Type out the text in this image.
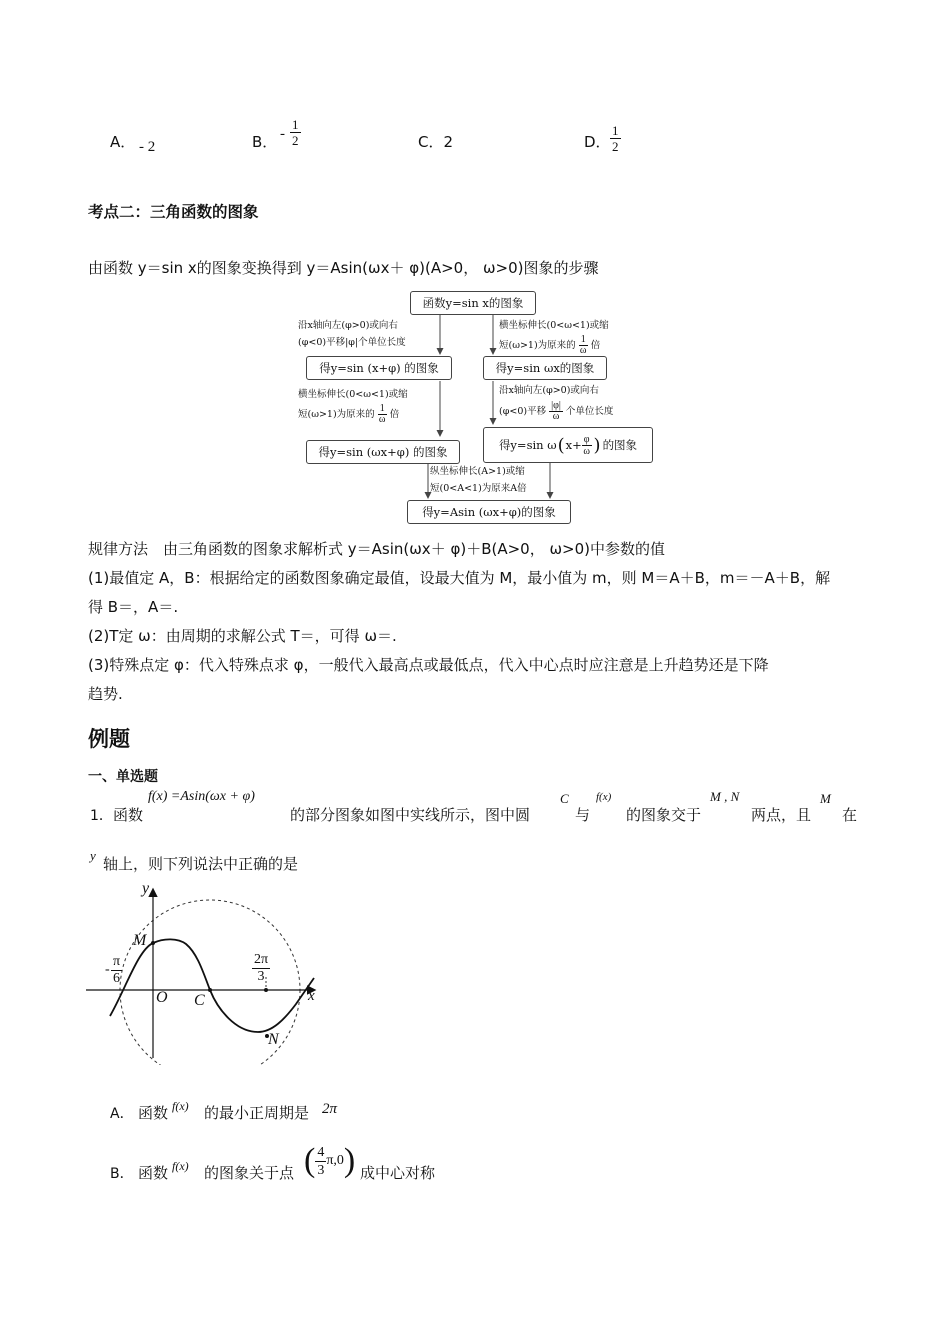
A． - 2	B． - $\frac{1}{2}$	C．2	D． $\frac{1}{2}$
考点二：三角函数的图象
由函数 y＝sin x的图象变换得到 y＝Asin(ωx＋ φ)(A>0， ω>0)图象的步骤
函数y=sin x的图象
沿x轴向左(φ>0)或向右
(φ<0)平移|φ|个单位长度
横坐标伸长(0<ω<1)或缩
短(ω>1)为原来的 $\frac{1}{\omega}$ 倍
得y=sin (x+φ) 的图象	得y=sin ωx的图象
横坐标伸长(0<ω<1)或缩
短(ω>1)为原来的 $\frac{1}{\omega}$ 倍
沿x轴向左(φ>0)或向右
(φ<0)平移 $\frac{|\varphi|}{\omega}$ 个单位长度
得y=sin (ωx+φ) 的图象	得y=sin ω ( $x+ \frac{\varphi}{\omega}$ ) 的图象
纵坐标伸长(A>1)或缩
短(0<A<1)为原来A倍
得y=Asin (ωx+φ)的图象
规律方法　由三角函数的图象求解析式 y＝Asin(ωx＋ φ)＋B(A>0， ω>0)中参数的值
(1)最值定 A，B：根据给定的函数图象确定最值，设最大值为 M，最小值为 m，则 M＝A＋B，m＝－A＋B，解
得 B＝，A＝.
(2)T定 ω：由周期的求解公式 T＝，可得 ω＝.
(3)特殊点定 φ：代入特殊点求 φ，一般代入最高点或最低点，代入中心点时应注意是上升趋势还是下降
趋势.
例题
一、单选题
1． 函数
f(x) =Asin(ωx + φ)
的部分图象如图中实线所示，图中圆
C
与
f(x)
的图象交于
M , N
两点，且
M
在
y 轴上，则下列说法中正确的是
y
x
M
O C
N
- $\frac{\pi}{6}$	$\frac{2\pi}{3}$
A． 函数 f(x) 的最小正周期是 2π
B． 函数 f(x) 的图象关于点 ( $\frac{4}{3} \pi,0$ ) 成中心对称
